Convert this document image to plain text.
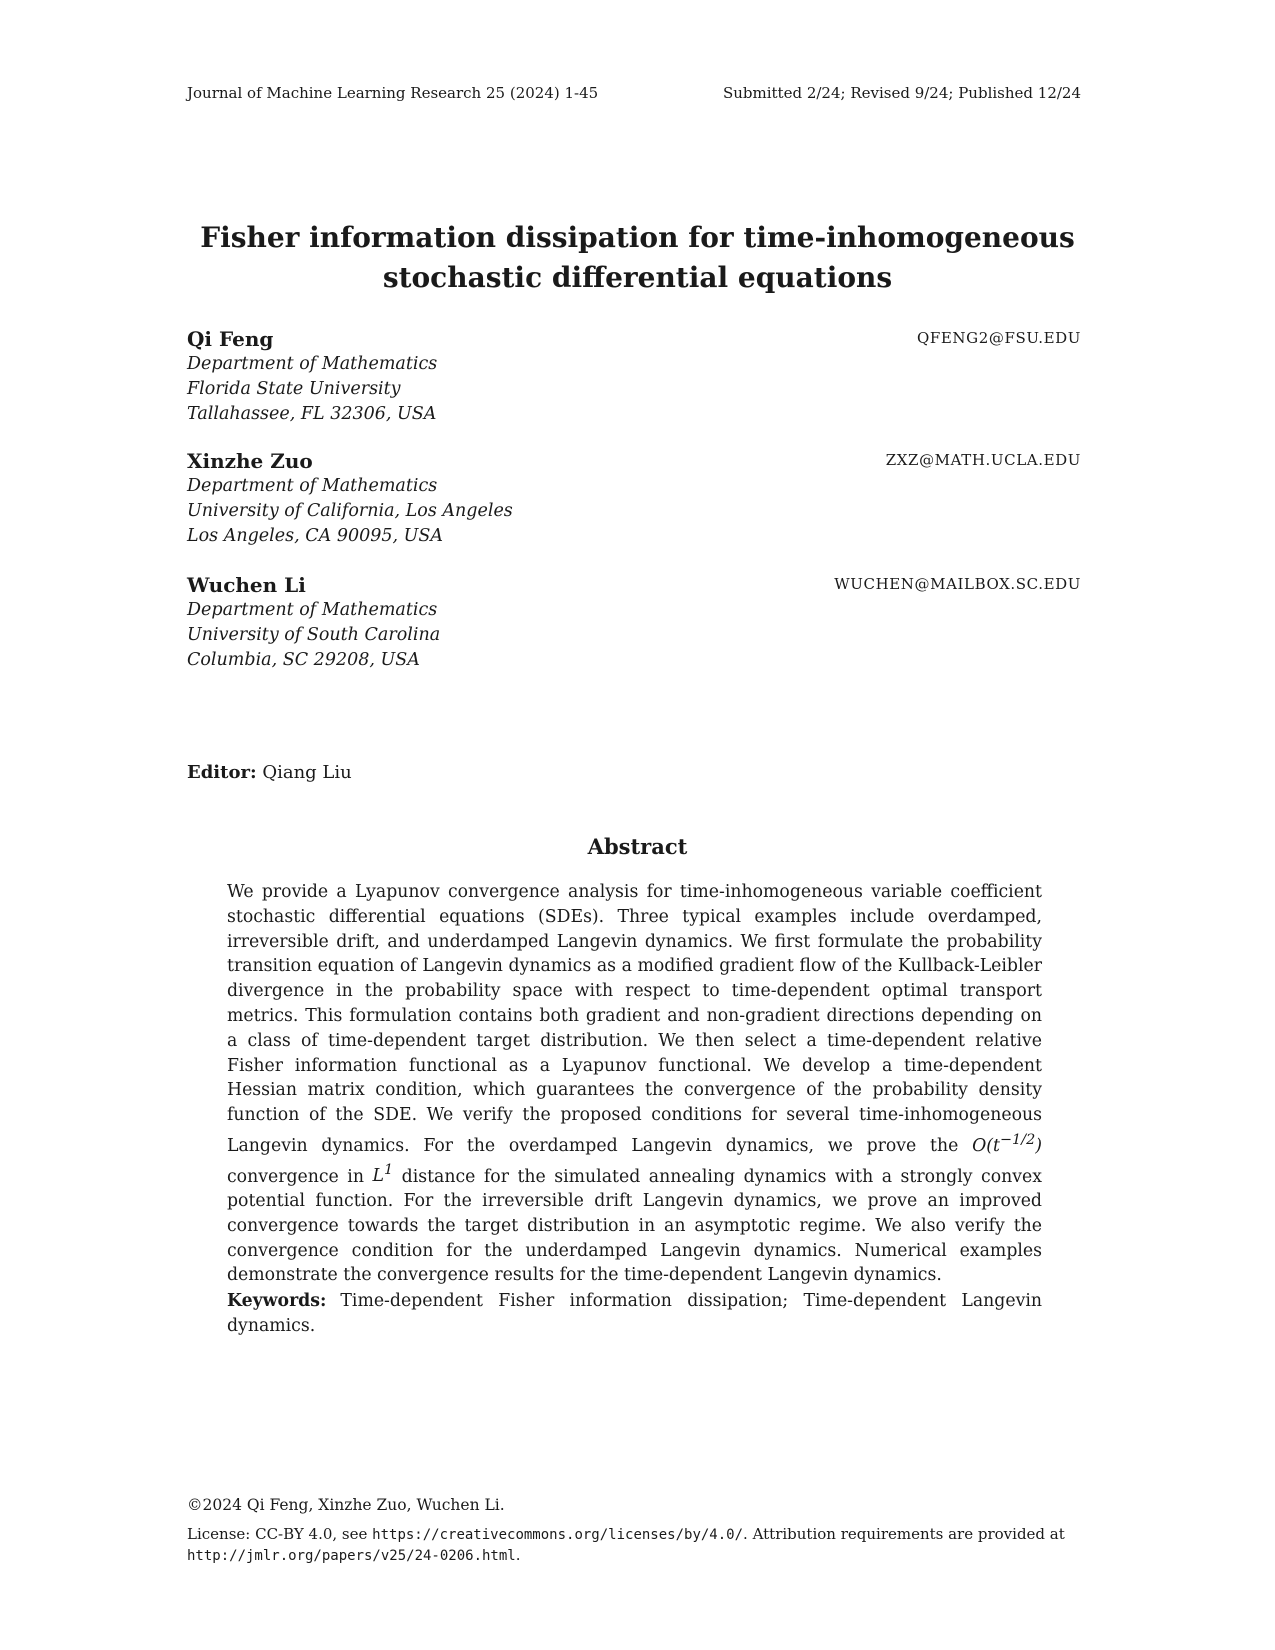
Journal of Machine Learning Research 25 (2024) 1-45	Submitted 2/24; Revised 9/24; Published 12/24
Fisher information dissipation for time-inhomogeneous
stochastic differential equations
Qi Feng	QFENG2@FSU.EDU
Department of Mathematics
Florida State University
Tallahassee, FL 32306, USA
Xinzhe Zuo	ZXZ@MATH.UCLA.EDU
Department of Mathematics
University of California, Los Angeles
Los Angeles, CA 90095, USA
Wuchen Li	WUCHEN@MAILBOX.SC.EDU
Department of Mathematics
University of South Carolina
Columbia, SC 29208, USA
Editor: Qiang Liu
Abstract
We provide a Lyapunov convergence analysis for time-inhomogeneous variable coefficient stochastic differential equations (SDEs). Three typical examples include overdamped, irreversible drift, and underdamped Langevin dynamics. We first formulate the probability transition equation of Langevin dynamics as a modified gradient flow of the Kullback-Leibler divergence in the probability space with respect to time-dependent optimal transport metrics. This formulation contains both gradient and non-gradient directions depending on a class of time-dependent target distribution. We then select a time-dependent relative Fisher information functional as a Lyapunov functional. We develop a time-dependent Hessian matrix condition, which guarantees the convergence of the probability density function of the SDE. We verify the proposed conditions for several time-inhomogeneous Langevin dynamics. For the overdamped Langevin dynamics, we prove the $O(t^{-1/2})$ convergence in $L^1$ distance for the simulated annealing dynamics with a strongly convex potential function. For the irreversible drift Langevin dynamics, we prove an improved convergence towards the target distribution in an asymptotic regime. We also verify the convergence condition for the underdamped Langevin dynamics. Numerical examples demonstrate the convergence results for the time-dependent Langevin dynamics.
Keywords: Time-dependent Fisher information dissipation; Time-dependent Langevin dynamics.
©2024 Qi Feng, Xinzhe Zuo, Wuchen Li.
License: CC-BY 4.0, see https://creativecommons.org/licenses/by/4.0/. Attribution requirements are provided at http://jmlr.org/papers/v25/24-0206.html.
